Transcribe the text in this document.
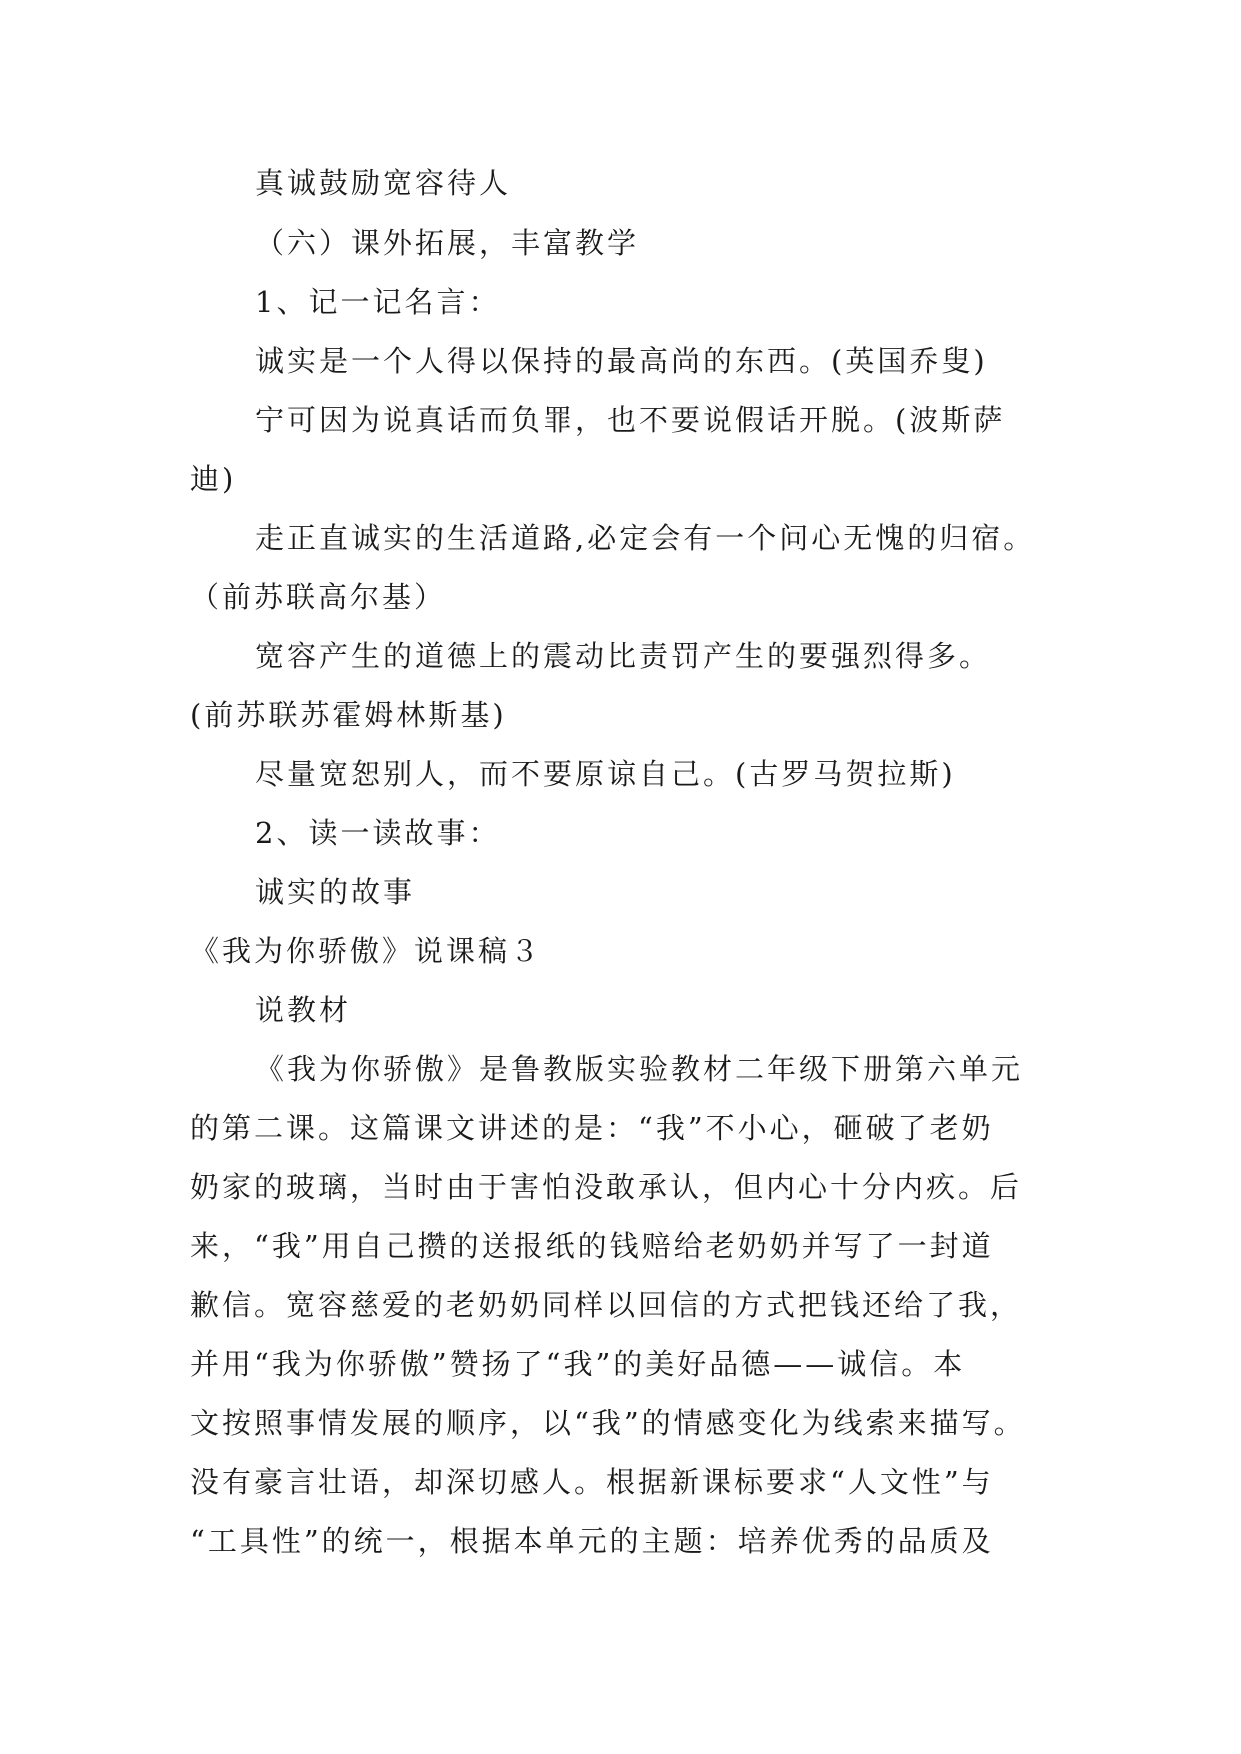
真诚鼓励宽容待人
（六）课外拓展，丰富教学
1、记一记名言：
诚实是一个人得以保持的最高尚的东西。(英国乔叟)
宁可因为说真话而负罪，也不要说假话开脱。(波斯萨
迪)
走正直诚实的生活道路,必定会有一个问心无愧的归宿。
（前苏联高尔基）
宽容产生的道德上的震动比责罚产生的要强烈得多。
(前苏联苏霍姆林斯基)
尽量宽恕别人，而不要原谅自己。(古罗马贺拉斯)
2、读一读故事：
诚实的故事
《我为你骄傲》说课稿３
说教材
《我为你骄傲》是鲁教版实验教材二年级下册第六单元
的第二课。这篇课文讲述的是：“我”不小心，砸破了老奶
奶家的玻璃，当时由于害怕没敢承认，但内心十分内疚。后
来，“我”用自己攒的送报纸的钱赔给老奶奶并写了一封道
歉信。宽容慈爱的老奶奶同样以回信的方式把钱还给了我，
并用“我为你骄傲”赞扬了“我”的美好品德——诚信。本
文按照事情发展的顺序，以“我”的情感变化为线索来描写。
没有豪言壮语，却深切感人。根据新课标要求“人文性”与
“工具性”的统一，根据本单元的主题：培养优秀的品质及
